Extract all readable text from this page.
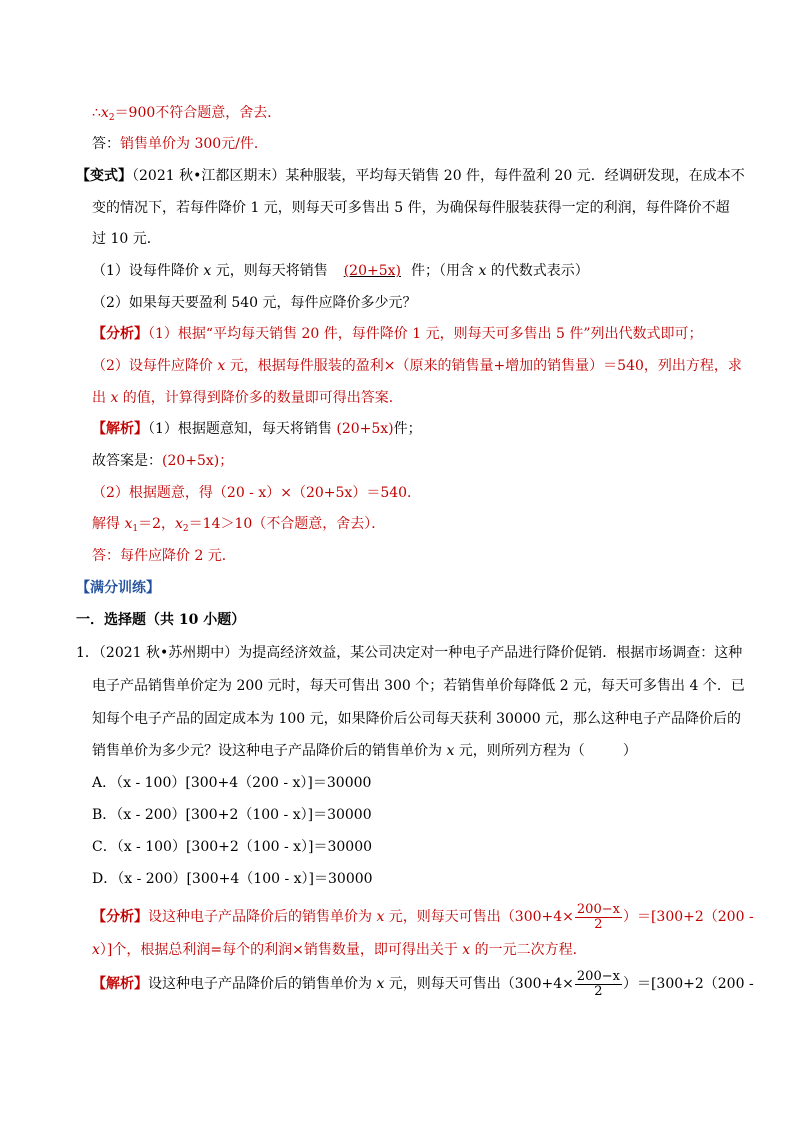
$\therefore x_2=900$不符合题意，舍去．
答：销售单价为 300元/件．
【变式】（2021 秋•江都区期末）某种服装，平均每天销售 20 件，每件盈利 20 元．经调研发现，在成本不
变的情况下，若每件降价 1 元，则每天可多售出 5 件，为确保每件服装获得一定的利润，每件降价不超
过 10 元．
（1）设每件降价 x 元，则每天将销售 (20+5x) 件；（用含 x 的代数式表示）
（2）如果每天要盈利 540 元，每件应降价多少元？
【分析】（1）根据“平均每天销售 20 件，每件降价 1 元，则每天可多售出 5 件”列出代数式即可；
（2）设每件应降价 x 元，根据每件服装的盈利×（原来的销售量+增加的销售量）＝540，列出方程，求
出 x 的值，计算得到降价多的数量即可得出答案．
【解析】（1）根据题意知，每天将销售 (20+5x)件；
故答案是：(20+5x)；
（2）根据题意，得（20 - x）×（20+5x）＝540．
解得 $x_1=2$，$x_2=14>10$（不合题意，舍去）．
答：每件应降价 2 元．
【满分训练】
一．选择题（共 10 小题）
1．（2021 秋•苏州期中）为提高经济效益，某公司决定对一种电子产品进行降价促销．根据市场调查：这种
电子产品销售单价定为 200 元时，每天可售出 300 个；若销售单价每降低 2 元，每天可多售出 4 个．已
知每个电子产品的固定成本为 100 元，如果降价后公司每天获利 30000 元，那么这种电子产品降价后的
销售单价为多少元？设这种电子产品降价后的销售单价为 x 元，则所列方程为（	）
A．（x - 100）[300+4（200 - x）]＝30000
B．（x - 200）[300+2（100 - x）]＝30000
C．（x - 100）[300+2（100 - x）]＝30000
D．（x - 200）[300+4（100 - x）]＝30000
【分析】设这种电子产品降价后的销售单价为 x 元，则每天可售出$(300+4\times \frac{200-x}{2} )=[300+2(200$ -
x）]个，根据总利润=每个的利润×销售数量，即可得出关于 x 的一元二次方程．
【解析】设这种电子产品降价后的销售单价为 x 元，则每天可售出$(300+4\times \frac{200-x}{2} )=[300+2(200$ -
